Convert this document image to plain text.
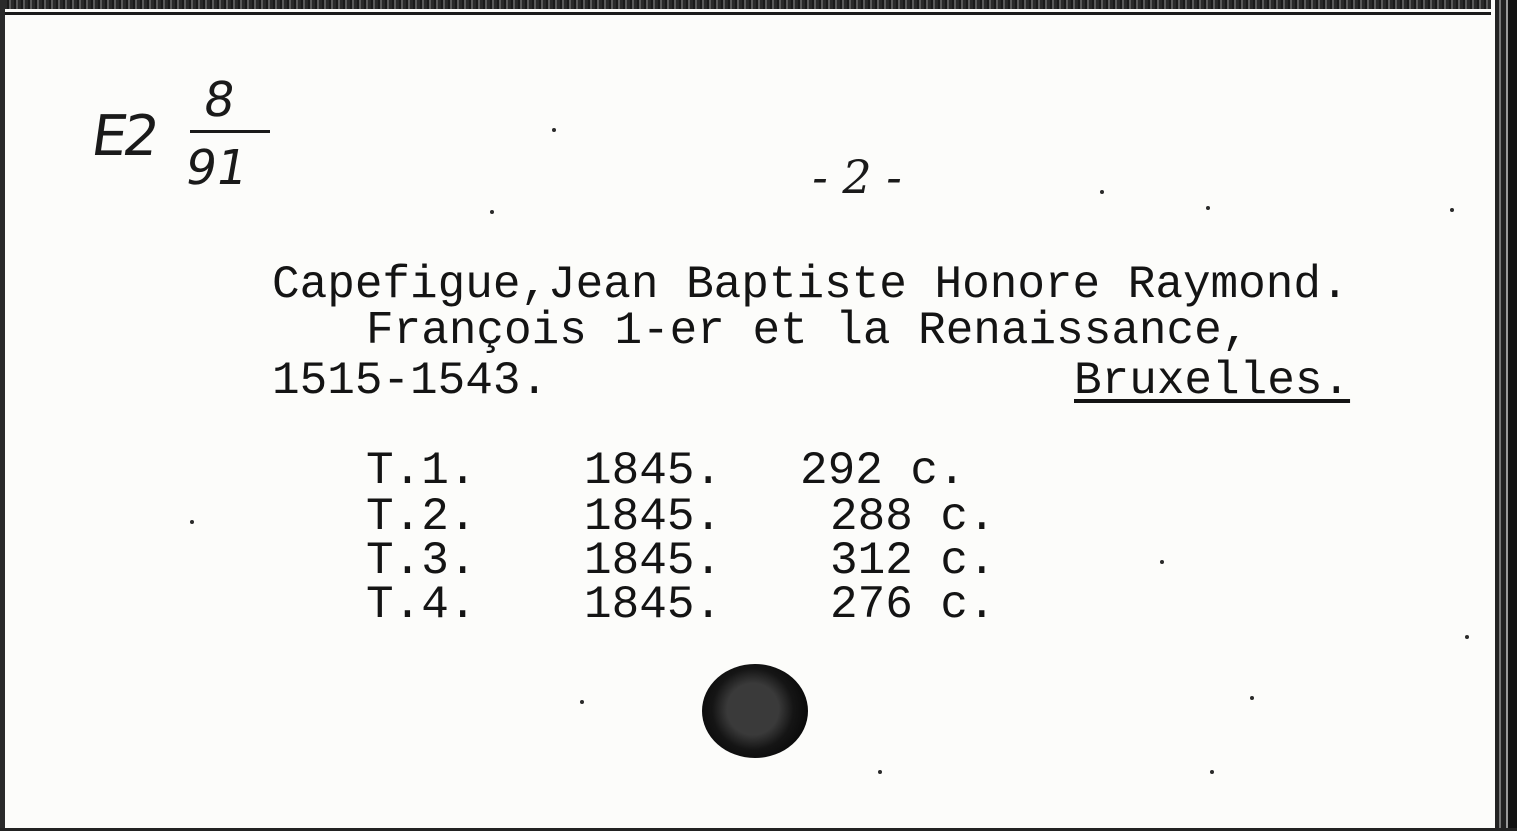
E2
8
91	- 2 -
Capefigue,Jean Baptiste Honore Raymond.
François 1-er et la Renaissance,
1515-1543.	Bruxelles.
T.1. 1845. 292 c.
T.2. 1845. 288 c.
T.3. 1845. 312 c.
T.4. 1845. 276 c.
